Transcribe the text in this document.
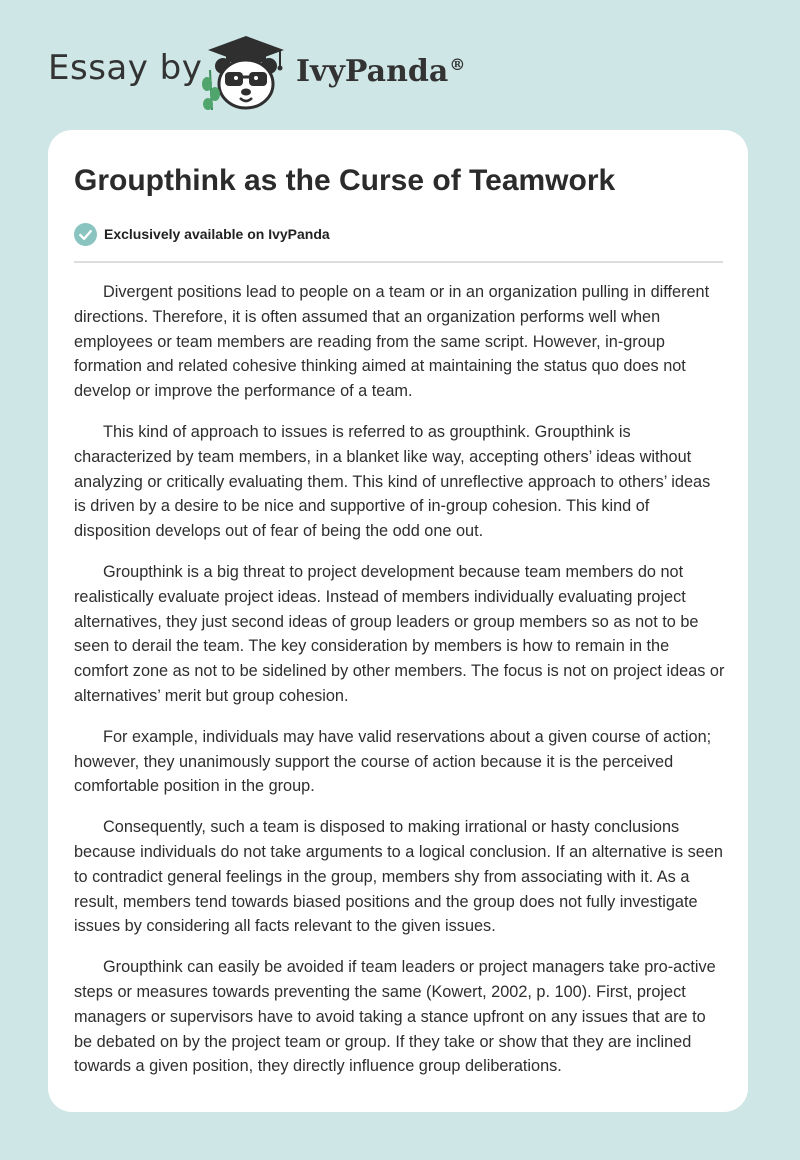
Essay by	IvyPanda®
Groupthink as the Curse of Teamwork
Exclusively available on IvyPanda

Divergent positions lead to people on a team or in an organization pulling in different directions. Therefore, it is often assumed that an organization performs well when employees or team members are reading from the same script. However, in-group formation and related cohesive thinking aimed at maintaining the status quo does not develop or improve the performance of a team.

This kind of approach to issues is referred to as groupthink. Groupthink is characterized by team members, in a blanket like way, accepting others’ ideas without analyzing or critically evaluating them. This kind of unreflective approach to others’ ideas is driven by a desire to be nice and supportive of in-group cohesion. This kind of disposition develops out of fear of being the odd one out.

Groupthink is a big threat to project development because team members do not realistically evaluate project ideas. Instead of members individually evaluating project alternatives, they just second ideas of group leaders or group members so as not to be seen to derail the team. The key consideration by members is how to remain in the comfort zone as not to be sidelined by other members. The focus is not on project ideas or alternatives’ merit but group cohesion.

For example, individuals may have valid reservations about a given course of action; however, they unanimously support the course of action because it is the perceived comfortable position in the group.

Consequently, such a team is disposed to making irrational or hasty conclusions because individuals do not take arguments to a logical conclusion. If an alternative is seen to contradict general feelings in the group, members shy from associating with it. As a result, members tend towards biased positions and the group does not fully investigate issues by considering all facts relevant to the given issues.

Groupthink can easily be avoided if team leaders or project managers take pro-active steps or measures towards preventing the same (Kowert, 2002, p. 100). First, project managers or supervisors have to avoid taking a stance upfront on any issues that are to be debated on by the project team or group. If they take or show that they are inclined towards a given position, they directly influence group deliberations.
